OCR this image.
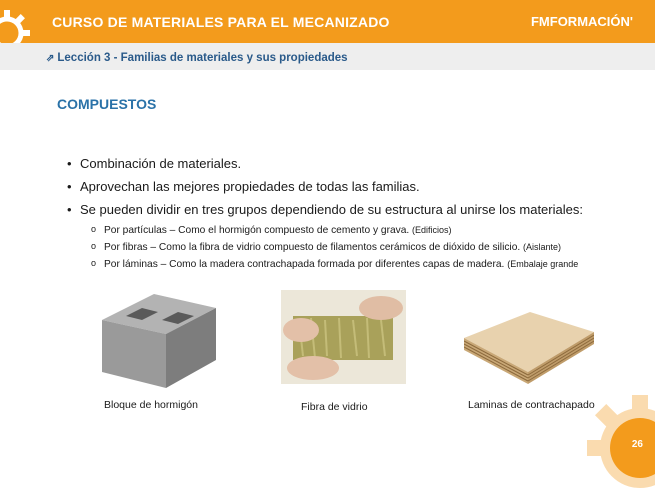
CURSO DE MATERIALES PARA EL MECANIZADO	FMFORMACIÓN'
⇗ Lección 3 - Familias de materiales y sus propiedades
COMPUESTOS
• Combinación de materiales.
• Aprovechan las mejores propiedades de todas las familias.
• Se pueden dividir en tres grupos dependiendo de su estructura al unirse los materiales:
o Por partículas – Como el hormigón compuesto de cemento y grava. (Edificios)
o Por fibras – Como la fibra de vidrio compuesto de filamentos cerámicos de dióxido de silicio. (Aislante)
o Por láminas – Como la madera contrachapada formada por diferentes capas de madera. (Embalaje grande
Bloque de hormigón	Fibra de vidrio	Laminas de contrachapado
26
